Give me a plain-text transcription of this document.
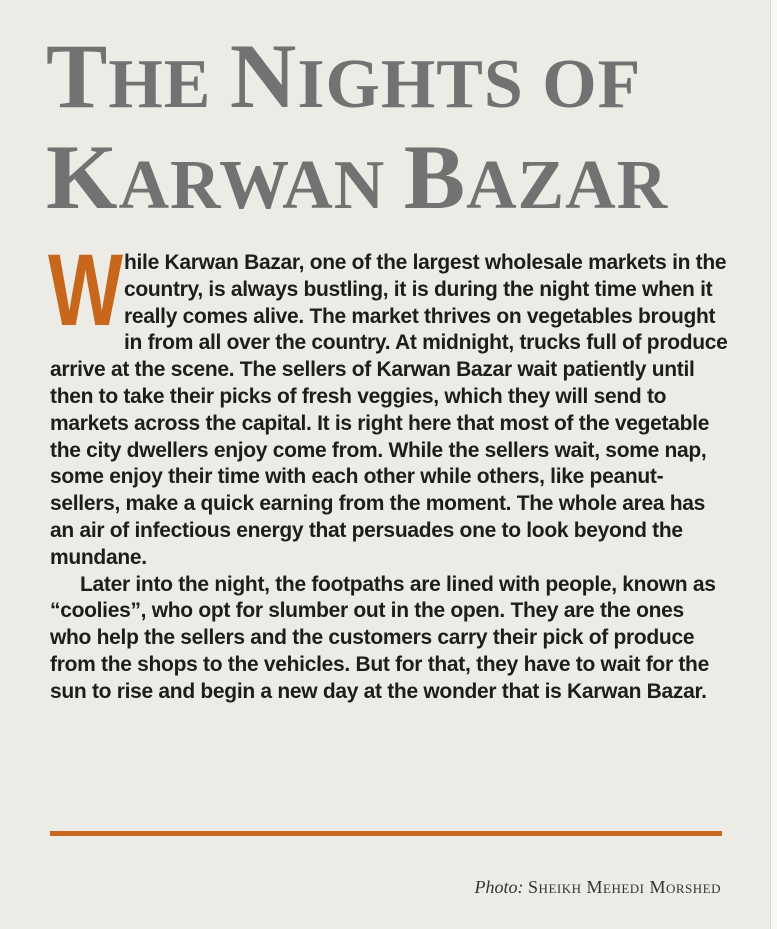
THE NIGHTS OF
KARWAN BAZAR

While Karwan Bazar, one of the largest wholesale markets in the country, is always bustling, it is during the night time when it really comes alive. The market thrives on vegetables brought in from all over the country. At midnight, trucks full of produce arrive at the scene. The sellers of Karwan Bazar wait patiently until then to take their picks of fresh veggies, which they will send to markets across the capital. It is right here that most of the vegetable the city dwellers enjoy come from. While the sellers wait, some nap, some enjoy their time with each other while others, like peanut-sellers, make a quick earning from the moment. The whole area has an air of infectious energy that persuades one to look beyond the mundane.

Later into the night, the footpaths are lined with people, known as “coolies”, who opt for slumber out in the open. They are the ones who help the sellers and the customers carry their pick of produce from the shops to the vehicles. But for that, they have to wait for the sun to rise and begin a new day at the wonder that is Karwan Bazar.

Photo: Sheikh Mehedi Morshed
